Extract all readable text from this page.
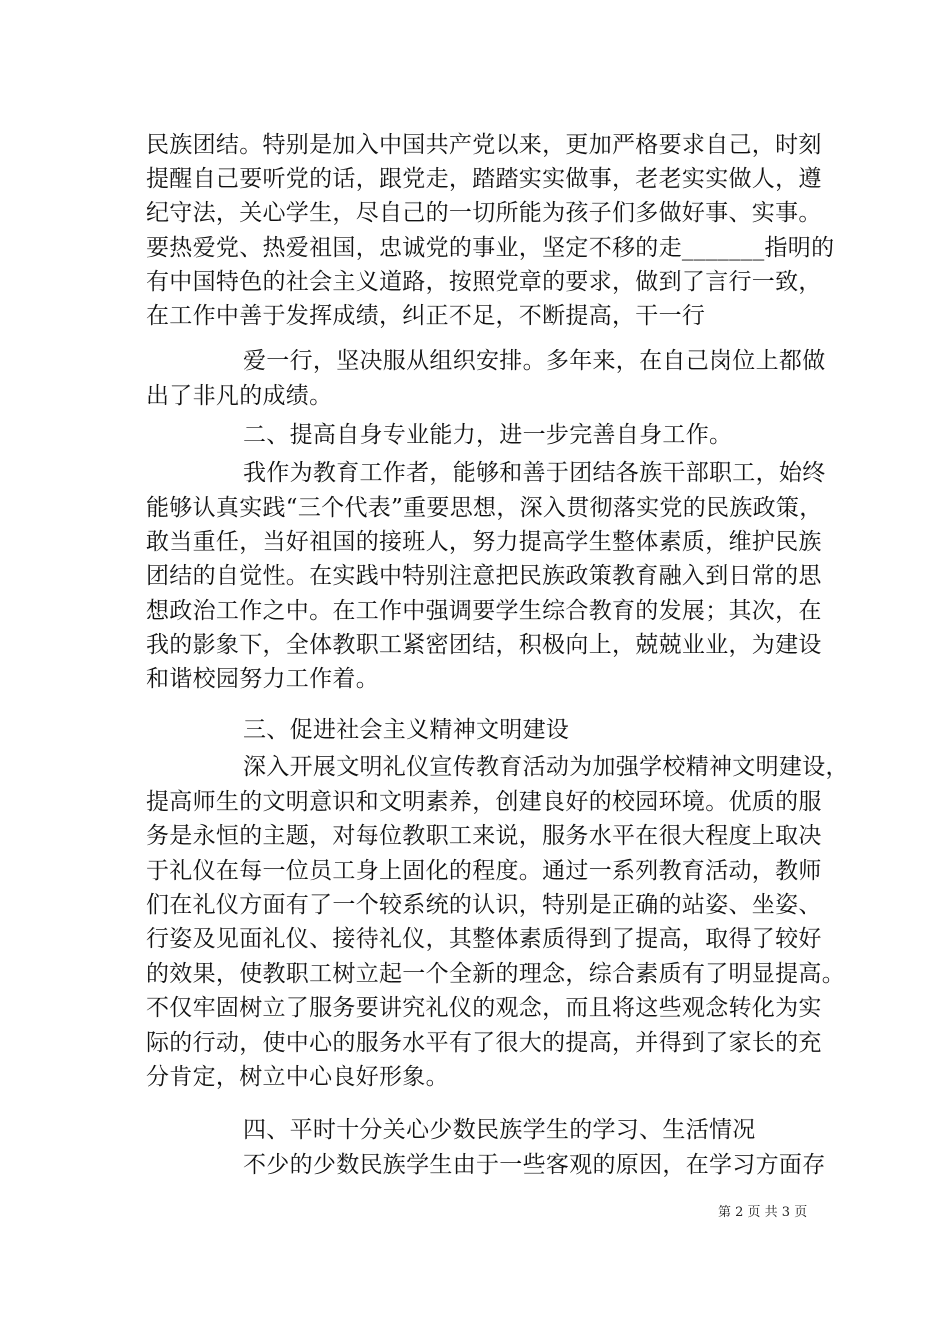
民族团结。特别是加入中国共产党以来，更加严格要求自己，时刻
提醒自己要听党的话，跟党走，踏踏实实做事，老老实实做人，遵
纪守法，关心学生，尽自己的一切所能为孩子们多做好事、实事。
要热爱党、热爱祖国，忠诚党的事业，坚定不移的走_______指明的
有中国特色的社会主义道路，按照党章的要求，做到了言行一致，
在工作中善于发挥成绩，纠正不足，不断提高，干一行
爱一行，坚决服从组织安排。多年来，在自己岗位上都做
出了非凡的成绩。
二、提高自身专业能力，进一步完善自身工作。
我作为教育工作者，能够和善于团结各族干部职工，始终
能够认真实践“三个代表”重要思想，深入贯彻落实党的民族政策，
敢当重任，当好祖国的接班人，努力提高学生整体素质，维护民族
团结的自觉性。在实践中特别注意把民族政策教育融入到日常的思
想政治工作之中。在工作中强调要学生综合教育的发展；其次，在
我的影象下，全体教职工紧密团结，积极向上，兢兢业业，为建设
和谐校园努力工作着。
三、促进社会主义精神文明建设
深入开展文明礼仪宣传教育活动为加强学校精神文明建设，
提高师生的文明意识和文明素养，创建良好的校园环境。优质的服
务是永恒的主题，对每位教职工来说，服务水平在很大程度上取决
于礼仪在每一位员工身上固化的程度。通过一系列教育活动，教师
们在礼仪方面有了一个较系统的认识，特别是正确的站姿、坐姿、
行姿及见面礼仪、接待礼仪，其整体素质得到了提高，取得了较好
的效果，使教职工树立起一个全新的理念，综合素质有了明显提高。
不仅牢固树立了服务要讲究礼仪的观念，而且将这些观念转化为实
际的行动，使中心的服务水平有了很大的提高，并得到了家长的充
分肯定，树立中心良好形象。
四、平时十分关心少数民族学生的学习、生活情况
不少的少数民族学生由于一些客观的原因，在学习方面存
第 2 页 共 3 页
